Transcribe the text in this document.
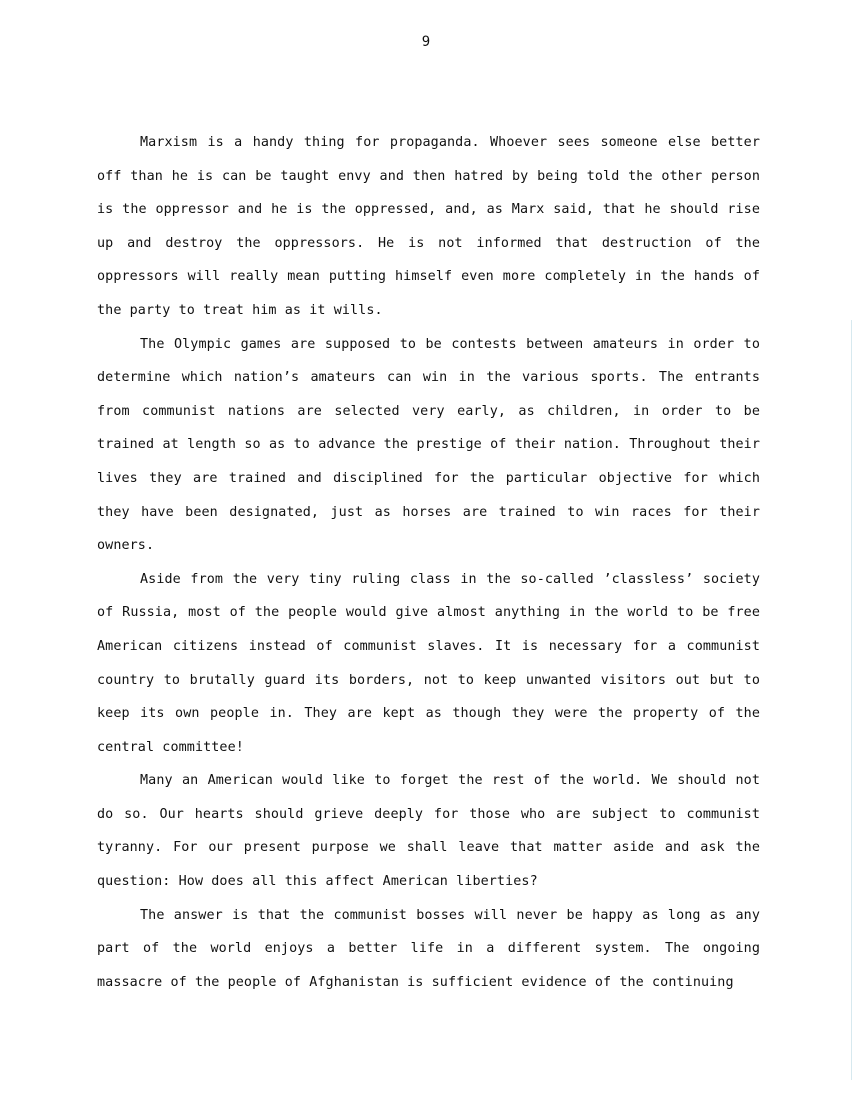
9

Marxism is a handy thing for propaganda. Whoever sees someone else better off than he is can be taught envy and then hatred by being told the other person is the oppressor and he is the oppressed, and, as Marx said, that he should rise up and destroy the oppressors. He is not informed that destruction of the oppressors will really mean putting himself even more completely in the hands of the party to treat him as it wills.

The Olympic games are supposed to be contests between amateurs in order to determine which nation’s amateurs can win in the various sports. The entrants from communist nations are selected very early, as children, in order to be trained at length so as to advance the prestige of their nation. Throughout their lives they are trained and disciplined for the particular objective for which they have been designated, just as horses are trained to win races for their owners.

Aside from the very tiny ruling class in the so-called ’classless’ society of Russia, most of the people would give almost anything in the world to be free American citizens instead of communist slaves. It is necessary for a communist country to brutally guard its borders, not to keep unwanted visitors out but to keep its own people in. They are kept as though they were the property of the central committee!

Many an American would like to forget the rest of the world. We should not do so. Our hearts should grieve deeply for those who are subject to communist tyranny. For our present purpose we shall leave that matter aside and ask the question: How does all this affect American liberties?

The answer is that the communist bosses will never be happy as long as any part of the world enjoys a better life in a different system. The ongoing massacre of the people of Afghanistan is sufficient evidence of the continuing
